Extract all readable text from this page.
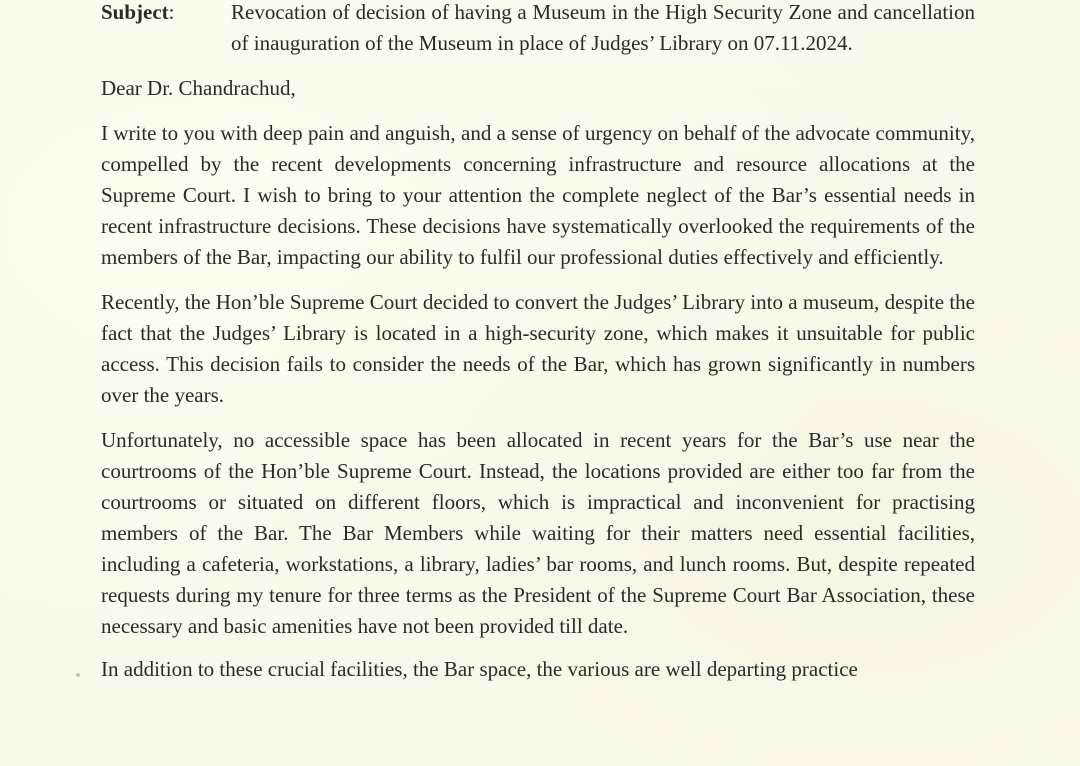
Subject:	Revocation of decision of having a Museum in the High Security Zone and cancellation of inauguration of the Museum in place of Judges’ Library on 07.11.2024.
Dear Dr. Chandrachud,

I write to you with deep pain and anguish, and a sense of urgency on behalf of the advocate community, compelled by the recent developments concerning infrastructure and resource allocations at the Supreme Court. I wish to bring to your attention the complete neglect of the Bar’s essential needs in recent infrastructure decisions. These decisions have systematically overlooked the requirements of the members of the Bar, impacting our ability to fulfil our professional duties effectively and efficiently.

Recently, the Hon’ble Supreme Court decided to convert the Judges’ Library into a museum, despite the fact that the Judges’ Library is located in a high-security zone, which makes it unsuitable for public access. This decision fails to consider the needs of the Bar, which has grown significantly in numbers over the years.

Unfortunately, no accessible space has been allocated in recent years for the Bar’s use near the courtrooms of the Hon’ble Supreme Court. Instead, the locations provided are either too far from the courtrooms or situated on different floors, which is impractical and inconvenient for practising members of the Bar. The Bar Members while waiting for their matters need essential facilities, including a cafeteria, workstations, a library, ladies’ bar rooms, and lunch rooms. But, despite repeated requests during my tenure for three terms as the President of the Supreme Court Bar Association, these necessary and basic amenities have not been provided till date.

In addition to these crucial facilities, the Bar space, the various are well departing practice
